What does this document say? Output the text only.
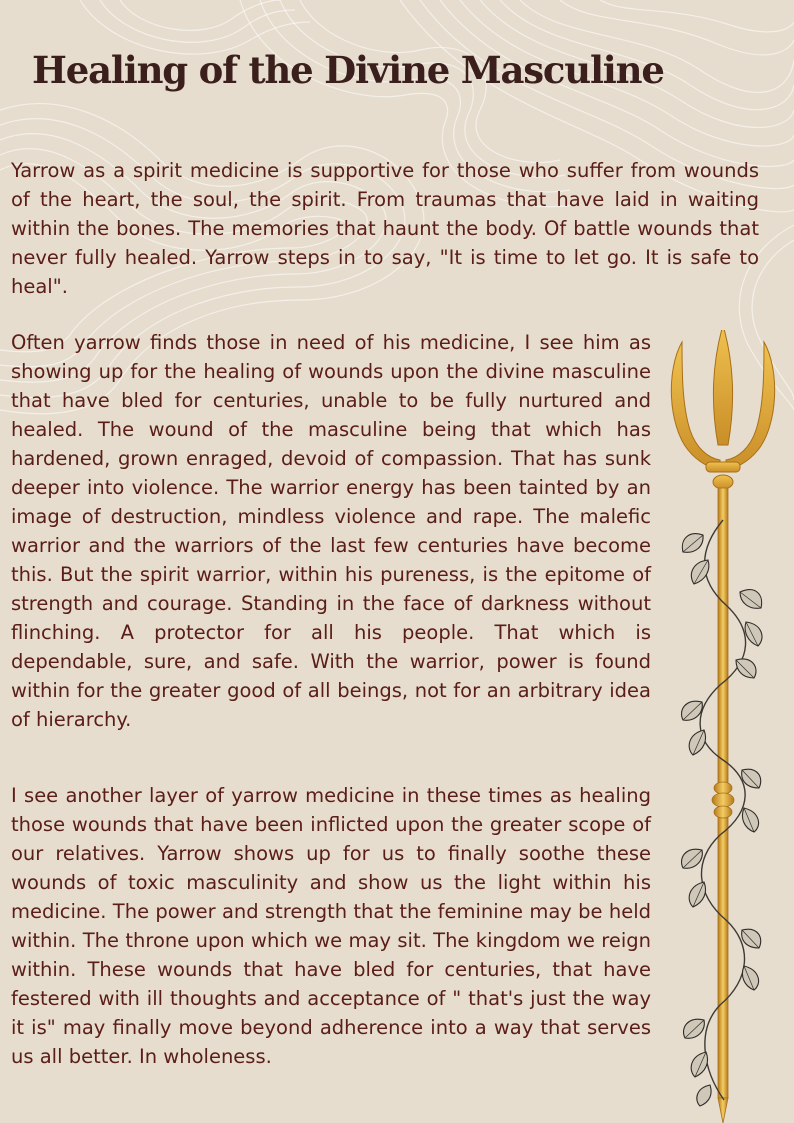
Healing of the Divine Masculine

Yarrow as a spirit medicine is supportive for those who suffer from wounds of the heart, the soul, the spirit. From traumas that have laid in waiting within the bones. The memories that haunt the body. Of battle wounds that never fully healed. Yarrow steps in to say, "It is time to let go. It is safe to heal".

Often yarrow finds those in need of his medicine, I see him as showing up for the healing of wounds upon the divine masculine that have bled for centuries, unable to be fully nurtured and healed. The wound of the masculine being that which has hardened, grown enraged, devoid of compassion. That has sunk deeper into violence. The warrior energy has been tainted by an image of destruction, mindless violence and rape. The malefic warrior and the warriors of the last few centuries have become this. But the spirit warrior, within his pureness, is the epitome of strength and courage. Standing in the face of darkness without flinching. A protector for all his people. That which is dependable, sure, and safe. With the warrior, power is found within for the greater good of all beings, not for an arbitrary idea of hierarchy.

I see another layer of yarrow medicine in these times as healing those wounds that have been inflicted upon the greater scope of our relatives. Yarrow shows up for us to finally soothe these wounds of toxic masculinity and show us the light within his medicine. The power and strength that the feminine may be held within. The throne upon which we may sit. The kingdom we reign within. These wounds that have bled for centuries, that have festered with ill thoughts and acceptance of " that's just the way it is" may finally move beyond adherence into a way that serves us all better. In wholeness.
